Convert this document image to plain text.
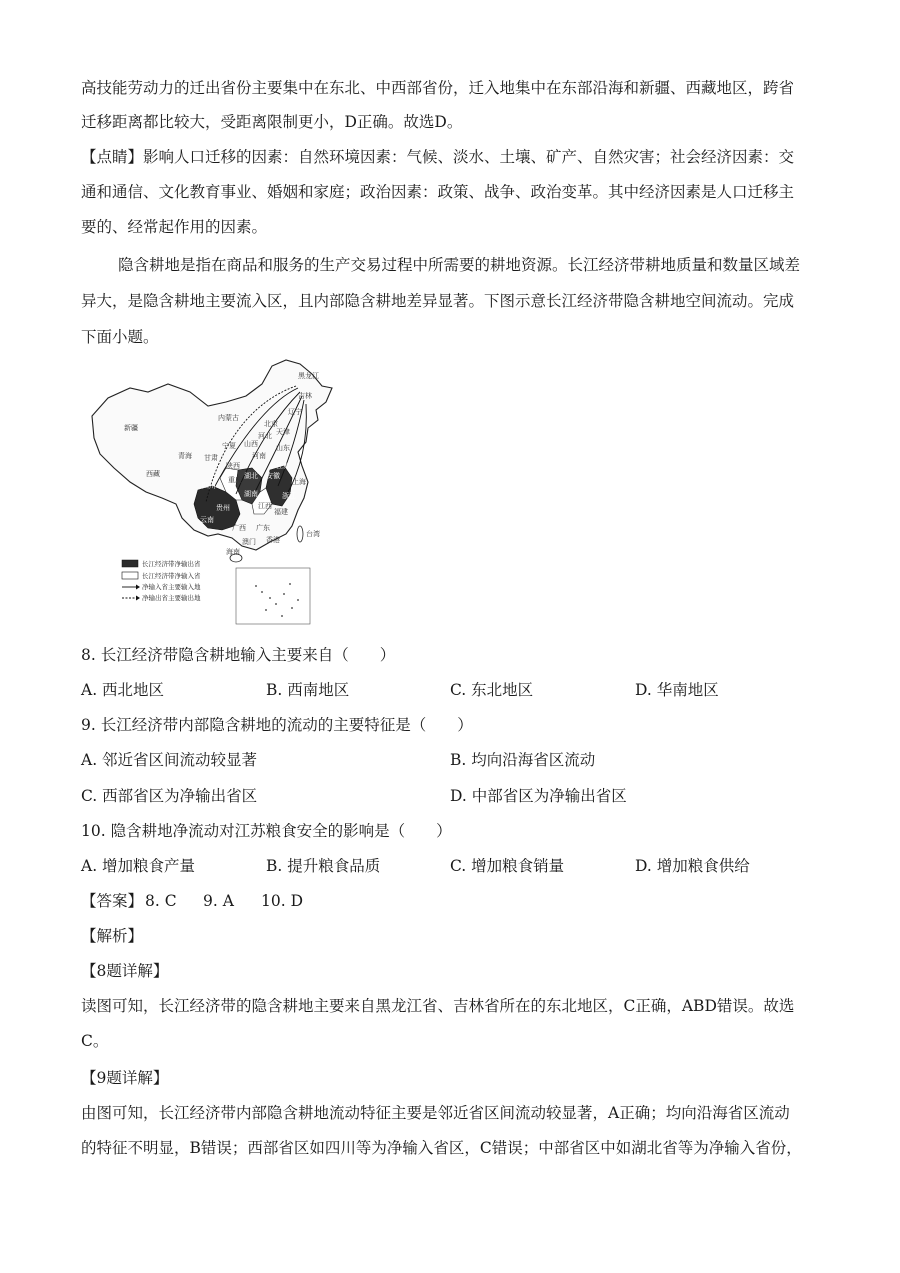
高技能劳动力的迁出省份主要集中在东北、中西部省份，迁入地集中在东部沿海和新疆、西藏地区，跨省
迁移距离都比较大，受距离限制更小，D正确。故选D。
【点睛】影响人口迁移的因素：自然环境因素：气候、淡水、土壤、矿产、自然灾害；社会经济因素：交
通和通信、文化教育事业、婚姻和家庭；政治因素：政策、战争、政治变革。其中经济因素是人口迁移主
要的、经常起作用的因素。
隐含耕地是指在商品和服务的生产交易过程中所需要的耕地资源。长江经济带耕地质量和数量区域差
异大，是隐含耕地主要流入区，且内部隐含耕地差异显著。下图示意长江经济带隐含耕地空间流动。完成
下面小题。
新疆
西藏
青海 甘肃
内蒙古
宁夏
陕西
山西
河北
北京
天津
山东
河南
黑龙江
吉林
辽宁
四川
重庆 湖北
湖南
贵州
云南
广西 广东
江西
福建
浙江
安徽
江苏
上海
海南
香港
澳门
台湾
长江经济带净输出省
长江经济带净输入省
净输入省主要输入地
净输出省主要输出地
8. 长江经济带隐含耕地输入主要来自（　　）
A. 西北地区	B. 西南地区	C. 东北地区	D. 华南地区
9. 长江经济带内部隐含耕地的流动的主要特征是（　　）
A. 邻近省区间流动较显著	B. 均向沿海省区流动
C. 西部省区为净输出省区	D. 中部省区为净输出省区
10. 隐含耕地净流动对江苏粮食安全的影响是（　　）
A. 增加粮食产量	B. 提升粮食品质	C. 增加粮食销量	D. 增加粮食供给
【答案】 8. C 9. A 10. D
【解析】
【8题详解】
读图可知，长江经济带的隐含耕地主要来自黑龙江省、吉林省所在的东北地区，C正确，ABD错误。故选
C。
【9题详解】
由图可知，长江经济带内部隐含耕地流动特征主要是邻近省区间流动较显著，A正确；均向沿海省区流动
的特征不明显，B错误；西部省区如四川等为净输入省区，C错误；中部省区中如湖北省等为净输入省份，
